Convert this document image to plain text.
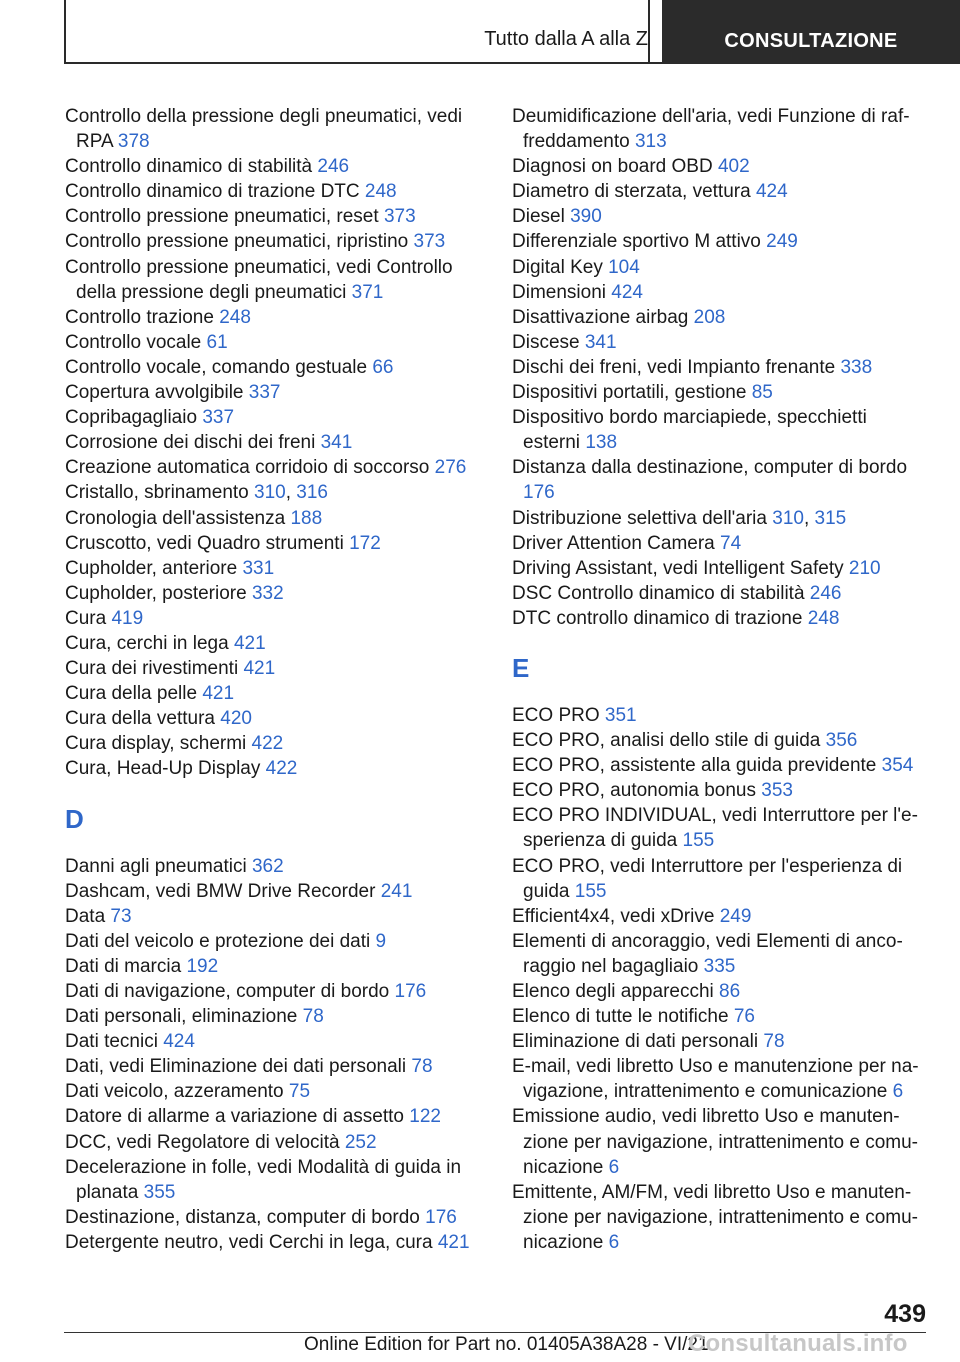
Tutto dalla A alla Z	CONSULTAZIONE

Controllo della pressione degli pneumatici, vedi RPA 378

Controllo dinamico di stabilità 246

Controllo dinamico di trazione DTC 248

Controllo pressione pneumatici, reset 373

Controllo pressione pneumatici, ripristino 373

Controllo pressione pneumatici, vedi Controllo della pressione degli pneumatici 371

Controllo trazione 248

Controllo vocale 61

Controllo vocale, comando gestuale 66

Copertura avvolgibile 337

Copribagagliaio 337

Corrosione dei dischi dei freni 341

Creazione automatica corridoio di soccorso 276

Cristallo, sbrinamento 310, 316

Cronologia dell'assistenza 188

Cruscotto, vedi Quadro strumenti 172

Cupholder, anteriore 331

Cupholder, posteriore 332

Cura 419

Cura, cerchi in lega 421

Cura dei rivestimenti 421

Cura della pelle 421

Cura della vettura 420

Cura display, schermi 422

Cura, Head-Up Display 422

D

Danni agli pneumatici 362

Dashcam, vedi BMW Drive Recorder 241

Data 73

Dati del veicolo e protezione dei dati 9

Dati di marcia 192

Dati di navigazione, computer di bordo 176

Dati personali, eliminazione 78

Dati tecnici 424

Dati, vedi Eliminazione dei dati personali 78

Dati veicolo, azzeramento 75

Datore di allarme a variazione di assetto 122

DCC, vedi Regolatore di velocità 252

Decelerazione in folle, vedi Modalità di guida in planata 355

Destinazione, distanza, computer di bordo 176

Detergente neutro, vedi Cerchi in lega, cura 421

Deumidificazione dell'aria, vedi Funzione di raf-freddamento 313

Diagnosi on board OBD 402

Diametro di sterzata, vettura 424

Diesel 390

Differenziale sportivo M attivo 249

Digital Key 104

Dimensioni 424

Disattivazione airbag 208

Discese 341

Dischi dei freni, vedi Impianto frenante 338

Dispositivi portatili, gestione 85

Dispositivo bordo marciapiede, specchietti esterni 138

Distanza dalla destinazione, computer di bordo 176

Distribuzione selettiva dell'aria 310, 315

Driver Attention Camera 74

Driving Assistant, vedi Intelligent Safety 210

DSC Controllo dinamico di stabilità 246

DTC controllo dinamico di trazione 248

E

ECO PRO 351

ECO PRO, analisi dello stile di guida 356

ECO PRO, assistente alla guida previdente 354

ECO PRO, autonomia bonus 353

ECO PRO INDIVIDUAL, vedi Interruttore per l'e-sperienza di guida 155

ECO PRO, vedi Interruttore per l'esperienza di guida 155

Efficient4x4, vedi xDrive 249

Elementi di ancoraggio, vedi Elementi di anco-raggio nel bagagliaio 335

Elenco degli apparecchi 86

Elenco di tutte le notifiche 76

Eliminazione di dati personali 78

E-mail, vedi libretto Uso e manutenzione per na-vigazione, intrattenimento e comunicazione 6

Emissione audio, vedi libretto Uso e manuten-zione per navigazione, intrattenimento e comu-nicazione 6

Emittente, AM/FM, vedi libretto Uso e manuten-zione per navigazione, intrattenimento e comu-nicazione 6

439
Online Edition for Part no. 01405A38A28 - VI/21
Consultanuals.info
